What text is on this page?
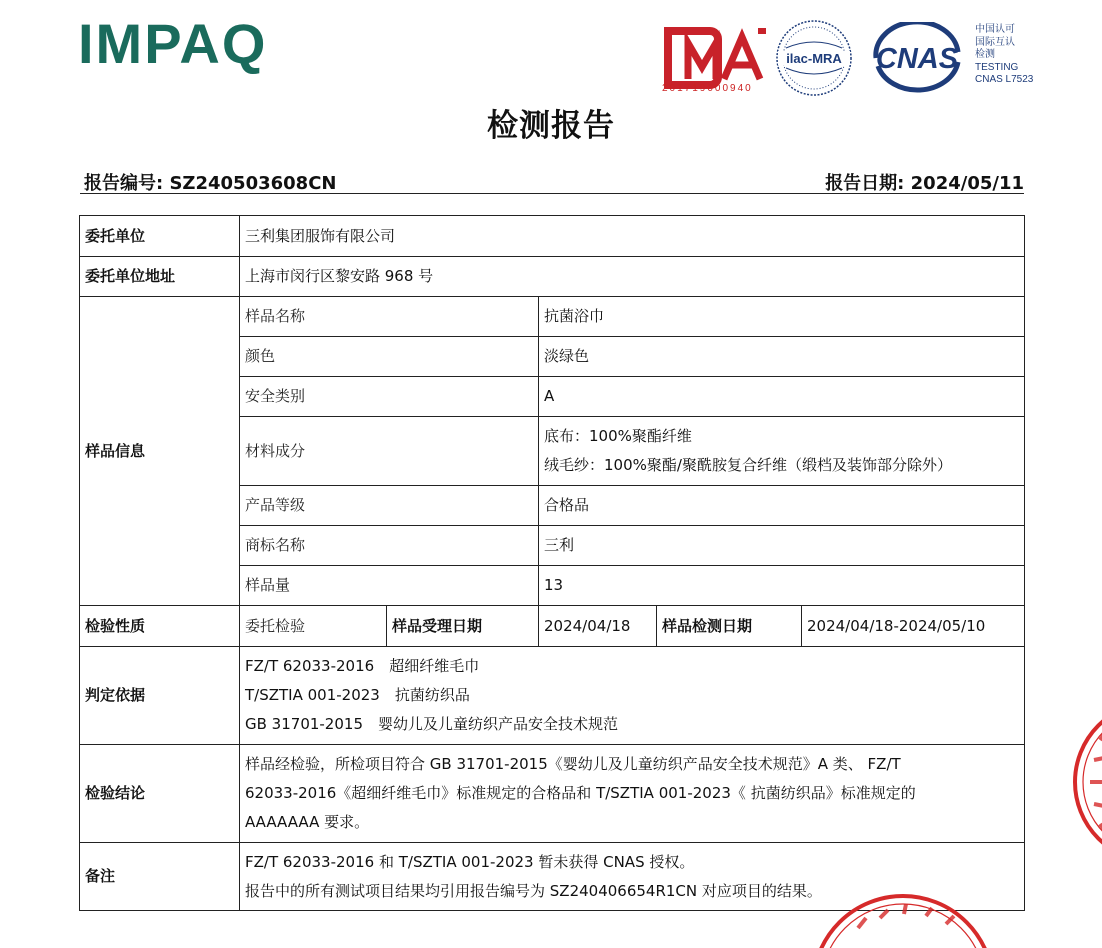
IMPAQ
201719000940
ilac-MRA CNAS
中国认可
国际互认
检测
TESTING
CNAS L7523
检测报告
报告编号: SZ240503608CN	报告日期: 2024/05/11
委托单位	三利集团服饰有限公司				
委托单位地址	上海市闵行区黎安路 968 号				
样品信息	样品名称		抗菌浴巾		
	颜色		淡绿色		
	安全类别		A		
	材料成分		底布：100%聚酯纤维
绒毛纱：100%聚酯/聚酰胺复合纤维（缎档及装饰部分除外）		

	产品等级		合格品		
	商标名称		三利		
	样品量		13		
检验性质	委托检验	样品受理日期	2024/04/18	样品检测日期	2024/04/18-2024/05/10
判定依据	FZ/T 62033-2016　超细纤维毛巾
T/SZTIA 001-2023　抗菌纺织品
GB 31701-2015　婴幼儿及儿童纺织产品安全技术规范				

检验结论	样品经检验，所检项目符合 GB 31701-2015《婴幼儿及儿童纺织产品安全技术规范》A 类、 FZ/T
62033-2016《超细纤维毛巾》标准规定的合格品和 T/SZTIA 001-2023《 抗菌纺织品》标准规定的
AAAAAAA 要求。				

备注	FZ/T 62033-2016 和 T/SZTIA 001-2023 暂未获得 CNAS 授权。
报告中的所有测试项目结果均引用报告编号为 SZ240406654R1CN 对应项目的结果。				
